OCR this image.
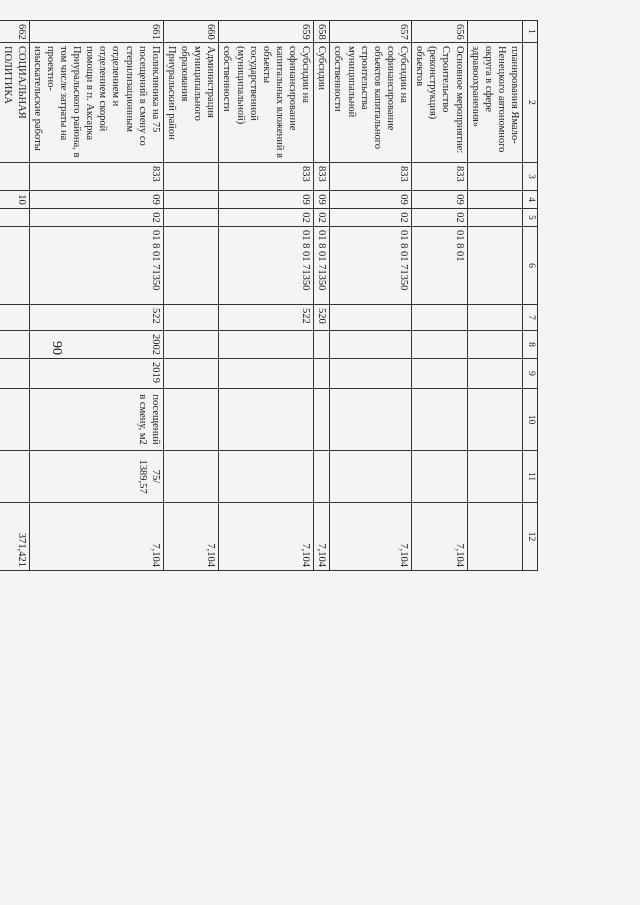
90
1	2	3	4	5	6	7	8	9	10	11	12
	планирования Ямало-Ненецкого автономного округа в сфере здравоохранения»										
656	Основное мероприятие: Строительство (реконструкция) объектов	833	09	02	01 8 01						7,104
657	Субсидии на софинансирование объектов капитального строительства муниципальной собственности	833	09	02	01 8 01 71350						7,104
658	Субсидии	833	09	02	01 8 01 71350	520					7,104
659	Субсидии на софинансирование капитальных вложений в объекты государственной (муниципальной) собственности	833	09	02	01 8 01 71350	522					7,104
660	Администрация муниципального образования Приуральский район										7,104
661	Поликлиника на 75 посещений в смену со стерилизационным отделением и отделением скорой помощи в п. Аксарка Приуральского района, в том числе затраты на проектно-изыскательские работы	833	09	02	01 8 01 71350	522	2002	2019	посещений в смену, м2	75/ 1389,57	7,104
662	СОЦИАЛЬНАЯ ПОЛИТИКА		10								371,421
